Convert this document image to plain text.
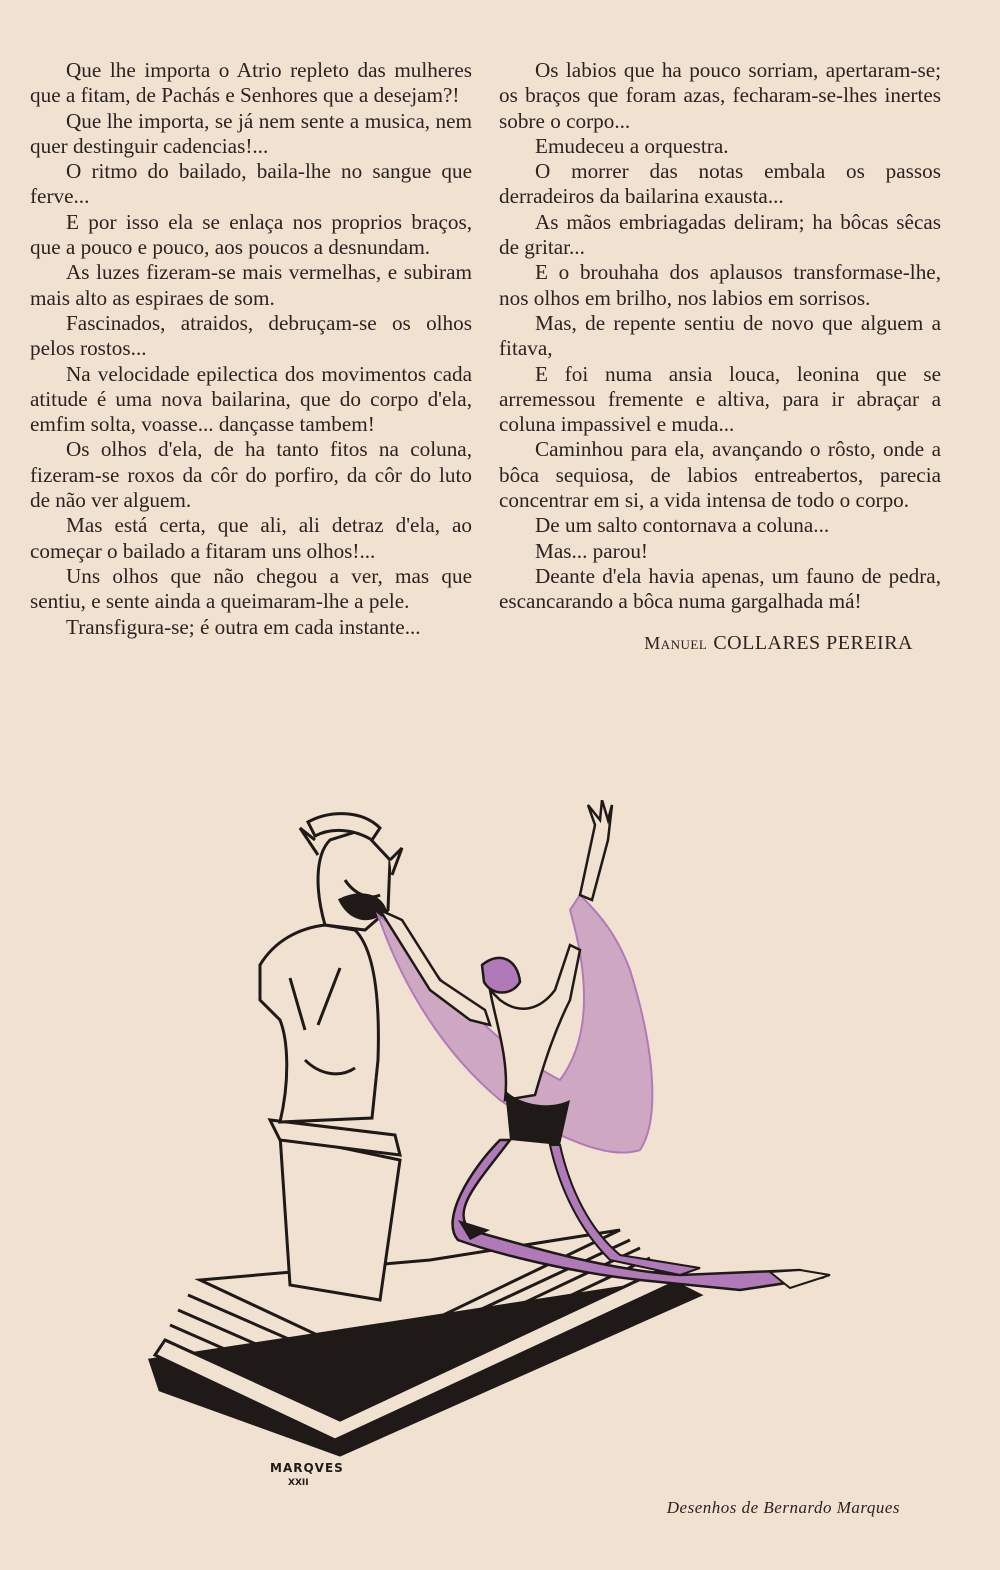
Que lhe importa o Atrio repleto das mulheres que a fitam, de Pachás e Senhores que a desejam?!

Que lhe importa, se já nem sente a musica, nem quer destinguir cadencias!...

O ritmo do bailado, baila-lhe no sangue que ferve...

E por isso ela se enlaça nos proprios braços, que a pouco e pouco, aos poucos a desnundam.

As luzes fizeram-se mais vermelhas, e subiram mais alto as espiraes de som.

Fascinados, atraidos, debruçam-se os olhos pelos rostos...

Na velocidade epilectica dos movimentos cada atitude é uma nova bailarina, que do corpo d'ela, emfim solta, voasse... dançasse tambem!

Os olhos d'ela, de ha tanto fitos na coluna, fizeram-se roxos da côr do porfiro, da côr do luto de não ver alguem.

Mas está certa, que ali, ali detraz d'ela, ao começar o bailado a fitaram uns olhos!...

Uns olhos que não chegou a ver, mas que sentiu, e sente ainda a queimaram-lhe a pele.

Transfigura-se; é outra em cada instante...

Os labios que ha pouco sorriam, apertaram-se; os braços que foram azas, fecharam-se-lhes inertes sobre o corpo...

Emudeceu a orquestra.

O morrer das notas embala os passos derradeiros da bailarina exausta...

As mãos embriagadas deliram; ha bôcas sêcas de gritar...

E o brouhaha dos aplausos transformase-lhe, nos olhos em brilho, nos labios em sorrisos.

Mas, de repente sentiu de novo que alguem a fitava,

E foi numa ansia louca, leonina que se arremessou frementе e altiva, para ir abraçar a coluna impassivel e muda...

Caminhou para ela, avançando o rôsto, onde a bôca sequiosa, de labios entreabertos, parecia concentrar em si, a vida intensa de todo o corpo.

De um salto contornava a coluna...

Mas... parou!

Deante d'ela havia apenas, um fauno de pedra, escancarando a bôca numa gargalhada má!

Manuel COLLARES PEREIRA
MARQVES
XXII
Desenhos de Bernardo Marques
